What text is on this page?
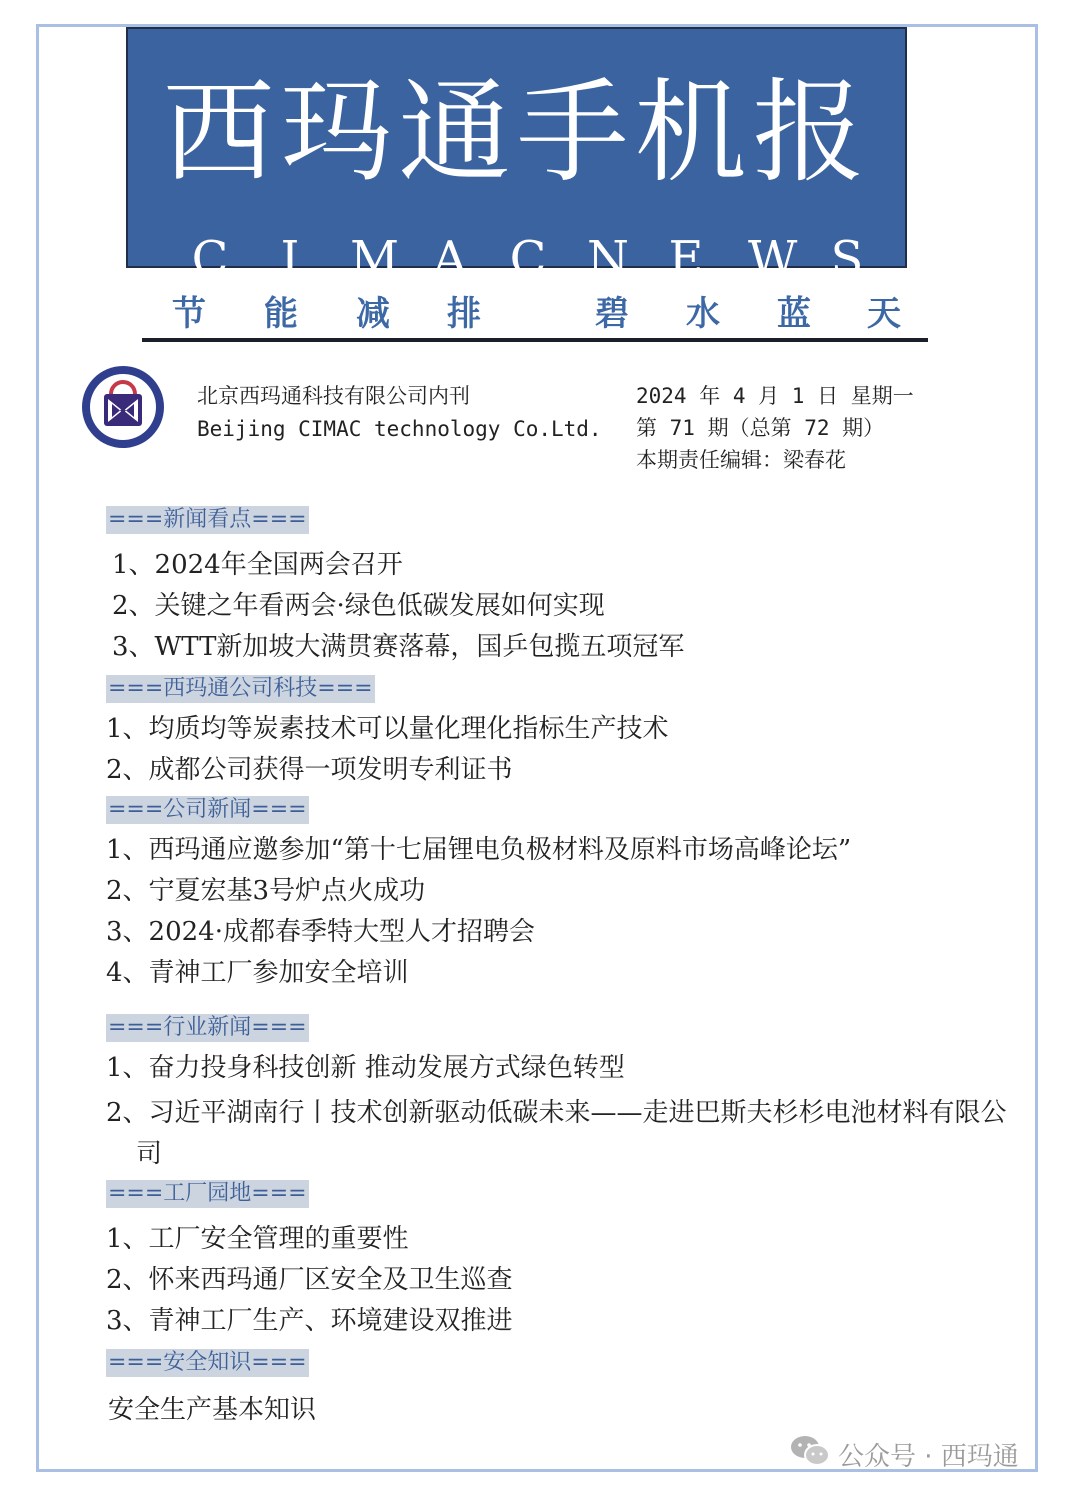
西玛通手机报
C I M A C N E W S
节 能 减 排	碧 水 蓝 天
北京西玛通科技有限公司内刊
Beijing CIMAC technology Co.Ltd.
2024 年 4 月 1 日 星期一
第 71 期（总第 72 期）
本期责任编辑：梁春花
===新闻看点===
1、2024年全国两会召开
2、关键之年看两会·绿色低碳发展如何实现
3、WTT新加坡大满贯赛落幕，国乒包揽五项冠军
===西玛通公司科技===
1、均质均等炭素技术可以量化理化指标生产技术
2、成都公司获得一项发明专利证书
===公司新闻===
1、西玛通应邀参加“第十七届锂电负极材料及原料市场高峰论坛”
2、宁夏宏基3号炉点火成功
3、2024·成都春季特大型人才招聘会
4、青神工厂参加安全培训
===行业新闻===
1、奋力投身科技创新 推动发展方式绿色转型
2、习近平湖南行丨技术创新驱动低碳未来——走进巴斯夫杉杉电池材料有限公司
===工厂园地===
1、工厂安全管理的重要性
2、怀来西玛通厂区安全及卫生巡查
3、青神工厂生产、环境建设双推进
===安全知识===
安全生产基本知识
公众号 · 西玛通
